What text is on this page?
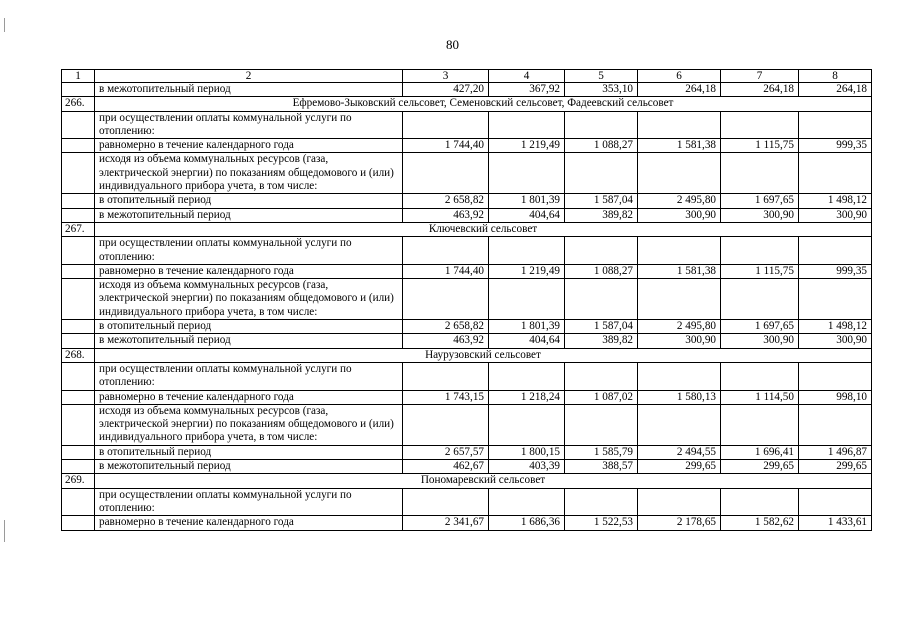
80
1	2	3	4	5	6	7	8
	в межотопительный период	427,20	367,92	353,10	264,18	264,18	264,18
266.	Ефремово-Зыковский сельсовет, Семеновский сельсовет, Фадеевский сельсовет						
	при осуществлении оплаты коммунальной услуги по отоплению:						
	равномерно в течение календарного года	1 744,40	1 219,49	1 088,27	1 581,38	1 115,75	999,35
	исходя из объема коммунальных ресурсов (газа, электрической энергии) по показаниям общедомового и (или) индивидуального прибора учета, в том числе:						
	в отопительный период	2 658,82	1 801,39	1 587,04	2 495,80	1 697,65	1 498,12
	в межотопительный период	463,92	404,64	389,82	300,90	300,90	300,90
267.	Ключевский сельсовет						
	при осуществлении оплаты коммунальной услуги по отоплению:						
	равномерно в течение календарного года	1 744,40	1 219,49	1 088,27	1 581,38	1 115,75	999,35
	исходя из объема коммунальных ресурсов (газа, электрической энергии) по показаниям общедомового и (или) индивидуального прибора учета, в том числе:						
	в отопительный период	2 658,82	1 801,39	1 587,04	2 495,80	1 697,65	1 498,12
	в межотопительный период	463,92	404,64	389,82	300,90	300,90	300,90
268.	Наурузовский сельсовет						
	при осуществлении оплаты коммунальной услуги по отоплению:						
	равномерно в течение календарного года	1 743,15	1 218,24	1 087,02	1 580,13	1 114,50	998,10
	исходя из объема коммунальных ресурсов (газа, электрической энергии) по показаниям общедомового и (или) индивидуального прибора учета, в том числе:						
	в отопительный период	2 657,57	1 800,15	1 585,79	2 494,55	1 696,41	1 496,87
	в межотопительный период	462,67	403,39	388,57	299,65	299,65	299,65
269.	Пономаревский сельсовет						
	при осуществлении оплаты коммунальной услуги по отоплению:						
	равномерно в течение календарного года	2 341,67	1 686,36	1 522,53	2 178,65	1 582,62	1 433,61
